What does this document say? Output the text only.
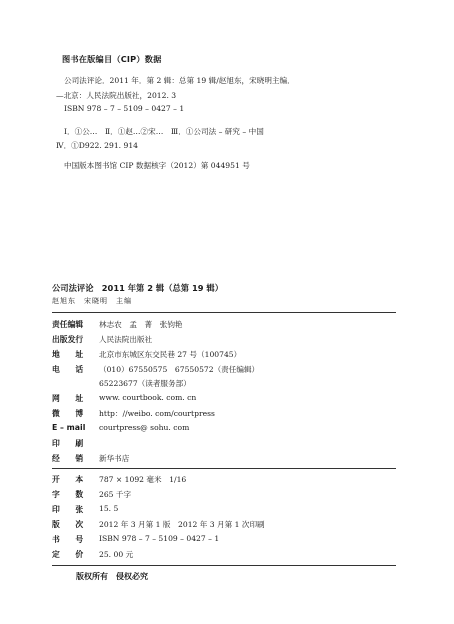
图书在版编目（CIP）数据
公司法评论．2011 年．第 2 辑：总第 19 辑/赵旭东，宋晓明主编．
—北京：人民法院出版社，2012. 3
ISBN 978 – 7 – 5109 – 0427 – 1
Ⅰ．①公…　Ⅱ．①赵…②宋…　Ⅲ．①公司法 – 研究 – 中国
Ⅳ．①D922. 291. 914
中国版本图书馆 CIP 数据核字（2012）第 044951 号
公司法评论　2011 年第 2 辑（总第 19 辑）
赵旭东　宋晓明　主编
责任编辑	林志农　孟　菁　张钧艳
出版发行	人民法院出版社
地　　址	北京市东城区东交民巷 27 号（100745）
电　　话	（010）67550575　67550572（责任编辑）
65223677（读者服务部）
网　　址	www. courtbook. com. cn
微　　博	http：//weibo. com/courtpress
E – mail	courtpress@ sohu. com
印　　刷
经　　销	新华书店
开　　本	787 × 1092 毫米　1/16
字　　数	265 千字
印　　张	15. 5
版　　次	2012 年 3 月第 1 版　2012 年 3 月第 1 次印刷
书　　号	ISBN 978 – 7 – 5109 – 0427 – 1
定　　价	25. 00 元
版权所有　侵权必究
